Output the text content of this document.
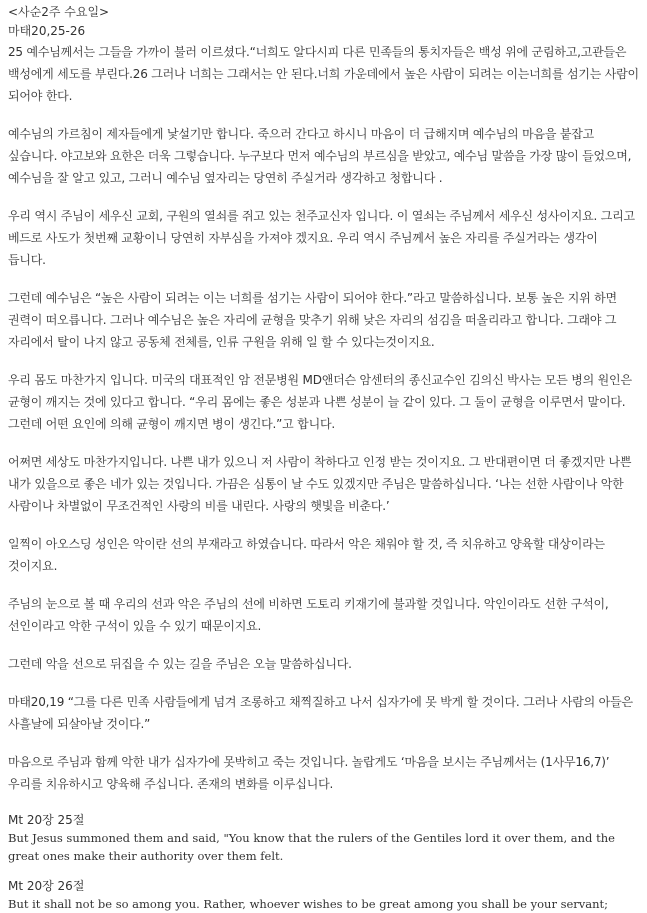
<사순2주 수요일>

마태20,25-26

25 예수님께서는 그들을 가까이 불러 이르셨다.“너희도 알다시피 다른 민족들의 통치자들은 백성 위에 군림하고,고관들은 백성에게 세도를 부린다.26 그러나 너희는 그래서는 안 된다.너희 가운데에서 높은 사람이 되려는 이는너희를 섬기는 사람이 되어야 한다.

예수님의 가르침이 제자들에게 낯설기만 합니다. 죽으러 간다고 하시니 마음이 더 급해지며 예수님의 마음을 붙잡고 싶습니다. 야고보와 요한은 더욱 그렇습니다. 누구보다 먼저 예수님의 부르심을 받았고, 예수님 말씀을 가장 많이 들었으며, 예수님을 잘 알고 있고, 그러니 예수님 옆자리는 당연히 주실거라 생각하고 청합니다 .

우리 역시 주님이 세우신 교회, 구원의 열쇠를 쥐고 있는 천주교신자 입니다. 이 열쇠는 주님께서 세우신 성사이지요. 그리고 베드로 사도가 첫번째 교황이니 당연히 자부심을 가져야 겠지요. 우리 역시 주님께서 높은 자리를 주실거라는 생각이 듭니다.

그런데 예수님은 “높은 사람이 되려는 이는 너희를 섬기는 사람이 되어야 한다.”라고 말씀하십니다. 보통 높은 지위 하면 권력이 떠오릅니다. 그러나 예수님은 높은 자리에 균형을 맞추기 위해 낮은 자리의 섬김을 떠올리라고 합니다. 그래야 그 자리에서 탈이 나지 않고 공동체 전체를, 인류 구원을 위해 일 할 수 있다는것이지요.

우리 몸도 마찬가지 입니다. 미국의 대표적인 암 전문병원 MD앤더슨 암센터의 종신교수인 김의신 박사는 모든 병의 원인은 균형이 깨지는 것에 있다고 합니다. “우리 몸에는 좋은 성분과 나쁜 성분이 늘 같이 있다. 그 둘이 균형을 이루면서 말이다. 그런데 어떤 요인에 의해 균형이 깨지면 병이 생긴다.”고 합니다.

어쩌면 세상도 마찬가지입니다. 나쁜 내가 있으니 저 사람이 착하다고 인정 받는 것이지요. 그 반대편이면 더 좋겠지만 나쁜 내가 있을으로 좋은 네가 있는 것입니다. 가끔은 심통이 날 수도 있겠지만 주님은 말씀하십니다. ‘나는 선한 사람이나 악한 사람이나 차별없이 무조건적인 사랑의 비를 내린다. 사랑의 햇빛을 비춘다.’

일찍이 아오스딩 성인은 악이란 선의 부재라고 하였습니다. 따라서 악은 채워야 할 것, 즉 치유하고 양육할 대상이라는 것이지요.

주님의 눈으로 볼 때 우리의 선과 악은 주님의 선에 비하면 도토리 키재기에 불과할 것입니다. 악인이라도 선한 구석이, 선인이라고 악한 구석이 있을 수 있기 때문이지요.

그런데 악을 선으로 뒤집을 수 있는 길을 주님은 오늘 말씀하십니다.

마태20,19 “그를 다른 민족 사람들에게 넘겨 조롱하고 채찍질하고 나서 십자가에 못 박게 할 것이다. 그러나 사람의 아들은 사흘날에 되살아날 것이다.”

마음으로 주님과 함께 악한 내가 십자가에 못박히고 죽는 것입니다. 놀랍게도 ‘마음을 보시는 주님께서는 (1사무16,7)’ 우리를 치유하시고 양육해 주십니다. 존재의 변화를 이루십니다.

Mt 20장 25절

But Jesus summoned them and said, "You know that the rulers of the Gentiles lord it over them, and the great ones make their authority over them felt.

Mt 20장 26절

But it shall not be so among you. Rather, whoever wishes to be great among you shall be your servant;
